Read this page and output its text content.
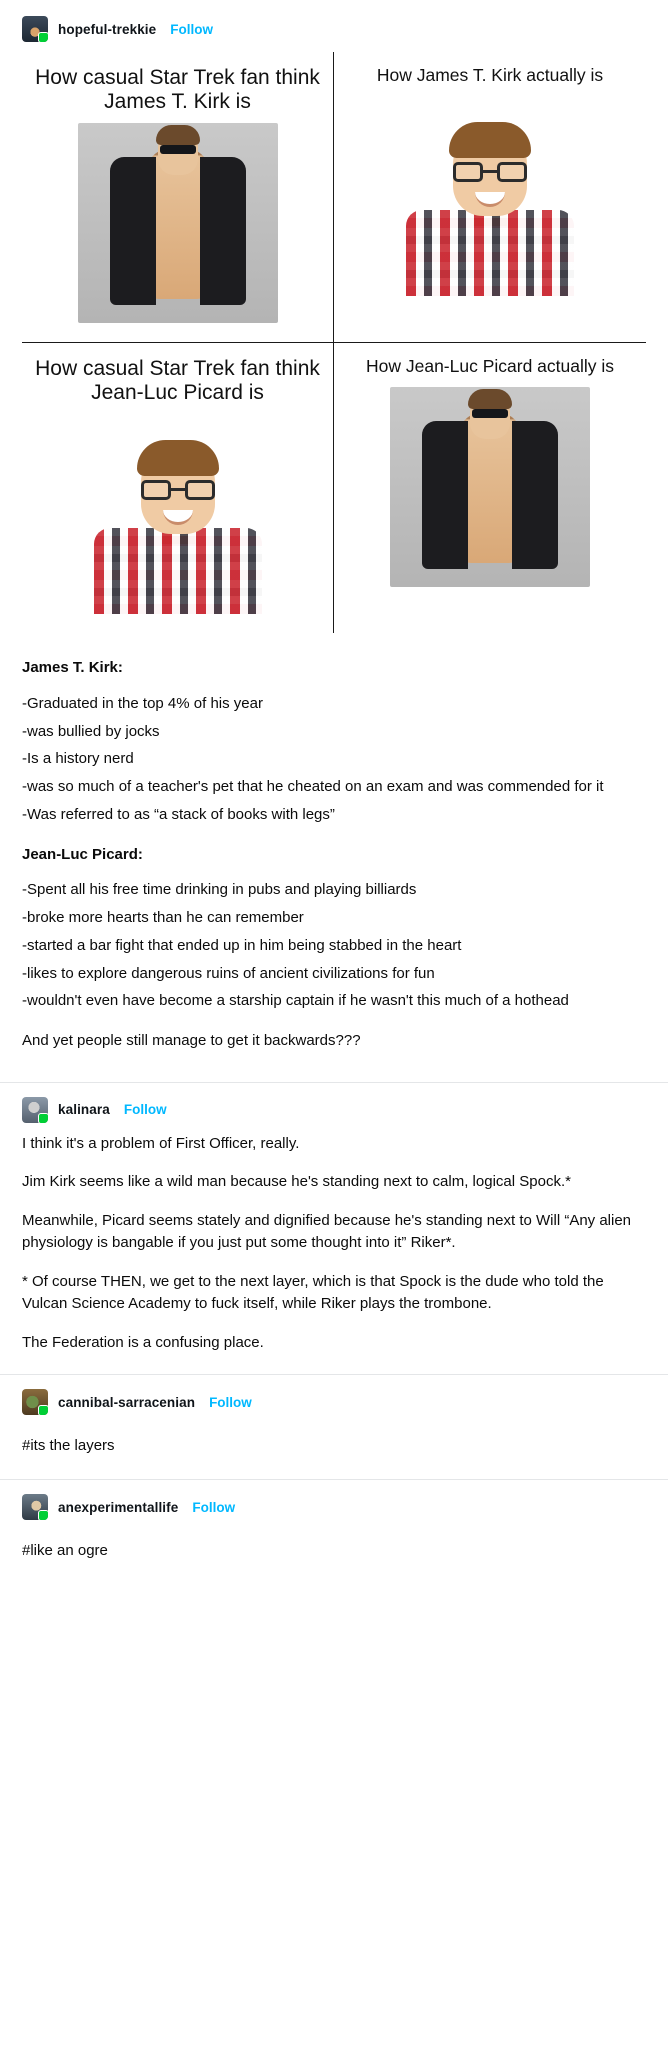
hopeful-trekkie Follow
How casual Star Trek fan think James T. Kirk is
How James T. Kirk actually is
How casual Star Trek fan think Jean-Luc Picard is
How Jean-Luc Picard actually is
James T. Kirk:
-Graduated in the top 4% of his year
-was bullied by jocks
-Is a history nerd
-was so much of a teacher's pet that he cheated on an exam and was commended for it
-Was referred to as “a stack of books with legs”
Jean-Luc Picard:
-Spent all his free time drinking in pubs and playing billiards
-broke more hearts than he can remember
-started a bar fight that ended up in him being stabbed in the heart
-likes to explore dangerous ruins of ancient civilizations for fun
-wouldn't even have become a starship captain if he wasn't this much of a hothead

And yet people still manage to get it backwards???

kalinara Follow

I think it's a problem of First Officer, really.

Jim Kirk seems like a wild man because he's standing next to calm, logical Spock.*

Meanwhile, Picard seems stately and dignified because he's standing next to Will “Any alien physiology is bangable if you just put some thought into it” Riker*.

* Of course THEN, we get to the next layer, which is that Spock is the dude who told the Vulcan Science Academy to fuck itself, while Riker plays the trombone.

The Federation is a confusing place.

cannibal-sarracenian Follow
#its the layers
anexperimentallife Follow
#like an ogre
